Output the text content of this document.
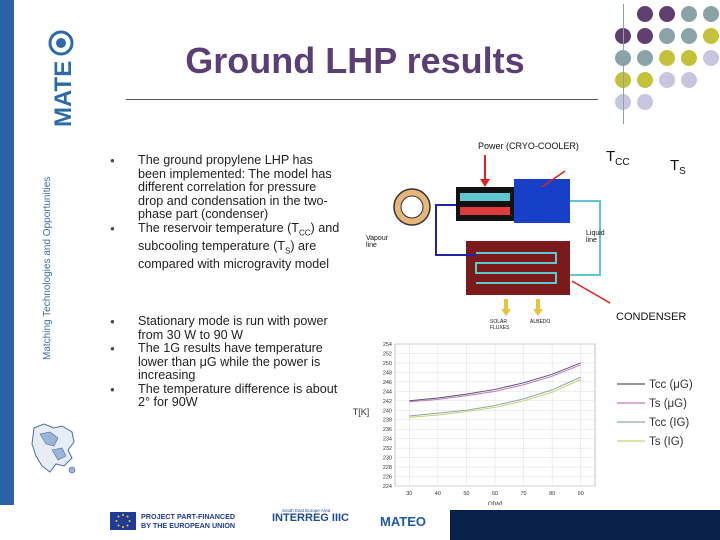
MATE
Matching Technologies and Opportunities
Ground LHP results

● The ground propylene LHP has been implemented: The model has different correlation for pressure drop and condensation in the two-phase part (condenser)

● The reservoir temperature $(T_{CC})$ and subcooling temperature $(T_S)$ are compared with microgravity model

● Stationary mode is run with power from 30 W to 90 W

● The 1G results have temperature lower than μG while the power is increasing

● The temperature difference is about 2° for 90W

Power (CRYO-COOLER)
$T_{CC}$	$T_S$
Vapour line
Liquid line
CONDENSER
SOLAR FLUXES
ALBEDO
224
226
228
230
232
234
236
238
240
242
244
246
248
250
252
254
30	40	50	60	70	80	90
T[K]
Tcc (μG)
Ts (μG)
Tcc (IG)
Ts (IG)
PROJECT PART-FINANCED
BY THE EUROPEAN UNION
South East Europe Area
INTERREG IIIC MATEO
